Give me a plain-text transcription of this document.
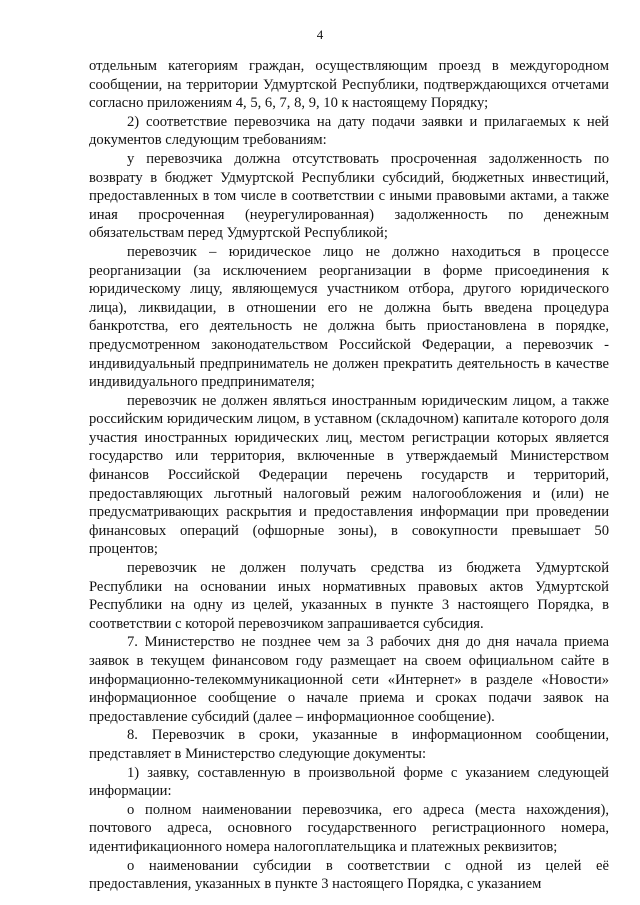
4

отдельным категориям граждан, осуществляющим проезд в междугородном сообщении, на территории Удмуртской Республики, подтверждающихся отчетами согласно приложениям 4, 5, 6, 7, 8, 9, 10 к настоящему Порядку;

2) соответствие перевозчика на дату подачи заявки и прилагаемых к ней документов следующим требованиям:

у перевозчика должна отсутствовать просроченная задолженность по возврату в бюджет Удмуртской Республики субсидий, бюджетных инвестиций, предоставленных в том числе в соответствии с иными правовыми актами, а также иная просроченная (неурегулированная) задолженность по денежным обязательствам перед Удмуртской Республикой;

перевозчик – юридическое лицо не должно находиться в процессе реорганизации (за исключением реорганизации в форме присоединения к юридическому лицу, являющемуся участником отбора, другого юридического лица), ликвидации, в отношении его не должна быть введена процедура банкротства, его деятельность не должна быть приостановлена в порядке, предусмотренном законодательством Российской Федерации, а перевозчик - индивидуальный предприниматель не должен прекратить деятельность в качестве индивидуального предпринимателя;

перевозчик не должен являться иностранным юридическим лицом, а также российским юридическим лицом, в уставном (складочном) капитале которого доля участия иностранных юридических лиц, местом регистрации которых является государство или территория, включенные в утверждаемый Министерством финансов Российской Федерации перечень государств и территорий, предоставляющих льготный налоговый режим налогообложения и (или) не предусматривающих раскрытия и предоставления информации при проведении финансовых операций (офшорные зоны), в совокупности превышает 50 процентов;

перевозчик не должен получать средства из бюджета Удмуртской Республики на основании иных нормативных правовых актов Удмуртской Республики на одну из целей, указанных в пункте 3 настоящего Порядка, в соответствии с которой перевозчиком запрашивается субсидия.

7. Министерство не позднее чем за 3 рабочих дня до дня начала приема заявок в текущем финансовом году размещает на своем официальном сайте в информационно-телекоммуникационной сети «Интернет» в разделе «Новости» информационное сообщение о начале приема и сроках подачи заявок на предоставление субсидий (далее – информационное сообщение).

8. Перевозчик в сроки, указанные в информационном сообщении, представляет в Министерство следующие документы:

1) заявку, составленную в произвольной форме с указанием следующей информации:

о полном наименовании перевозчика, его адреса (места нахождения), почтового адреса, основного государственного регистрационного номера, идентификационного номера налогоплательщика и платежных реквизитов;

о наименовании субсидии в соответствии с одной из целей её предоставления, указанных в пункте 3 настоящего Порядка, с указанием
